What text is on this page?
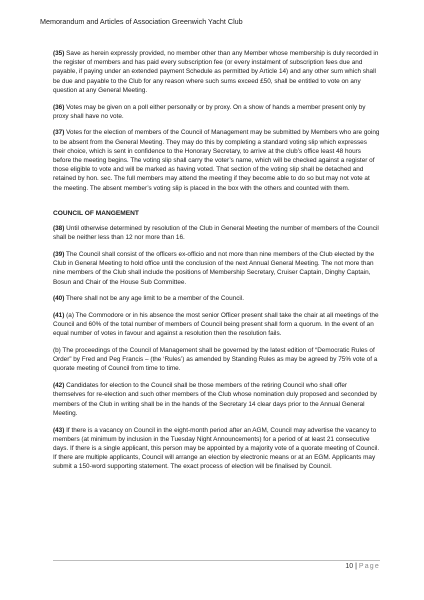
Memorandum and Articles of Association Greenwich Yacht Club
(35) Save as herein expressly provided, no member other than any Member whose membership is duly recorded in the register of members and has paid every subscription fee (or every instalment of subscription fees due and payable, if paying under an extended payment Schedule as permitted by Article 14) and any other sum which shall be due and payable to the Club for any reason where such sums exceed £50, shall be entitled to vote on any question at any General Meeting.
(36) Votes may be given on a poll either personally or by proxy. On a show of hands a member present only by proxy shall have no vote.
(37) Votes for the election of members of the Council of Management may be submitted by Members who are going to be absent from the General Meeting. They may do this by completing a standard voting slip which expresses their choice, which is sent in confidence to the Honorary Secretary, to arrive at the club’s office least 48 hours before the meeting begins. The voting slip shall carry the voter’s name, which will be checked against a register of those eligible to vote and will be marked as having voted. That section of the voting slip shall be detached and retained by hon. sec. The full members may attend the meeting if they become able to do so but may not vote at the meeting. The absent member’s voting slip is placed in the box with the others and counted with them.
COUNCIL OF MANGEMENT
(38) Until otherwise determined by resolution of the Club in General Meeting the number of members of the Council shall be neither less than 12 nor more than 16.
(39) The Council shall consist of the officers ex-officio and not more than nine members of the Club elected by the Club in General Meeting to hold office until the conclusion of the next Annual General Meeting. The not more than nine members of the Club shall include the positions of Membership Secretary, Cruiser Captain, Dinghy Captain, Bosun and Chair of the House Sub Committee.
(40) There shall not be any age limit to be a member of the Council.
(41) (a) The Commodore or in his absence the most senior Officer present shall take the chair at all meetings of the Council and 60% of the total number of members of Council being present shall form a quorum. In the event of an equal number of votes in favour and against a resolution then the resolution fails.
(b) The proceedings of the Council of Management shall be governed by the latest edition of “Democratic Rules of Order” by Fred and Peg Francis – (the ‘Rules’) as amended by Standing Rules as may be agreed by 75% vote of a quorate meeting of Council from time to time.
(42) Candidates for election to the Council shall be those members of the retiring Council who shall offer themselves for re-election and such other members of the Club whose nomination duly proposed and seconded by members of the Club in writing shall be in the hands of the Secretary 14 clear days prior to the Annual General Meeting.
(43) If there is a vacancy on Council in the eight-month period after an AGM, Council may advertise the vacancy to members (at minimum by inclusion in the Tuesday Night Announcements) for a period of at least 21 consecutive days. If there is a single applicant, this person may be appointed by a majority vote of a quorate meeting of Council. If there are multiple applicants, Council will arrange an election by electronic means or at an EGM. Applicants may submit a 150-word supporting statement. The exact process of election will be finalised by Council.
10 | Page
